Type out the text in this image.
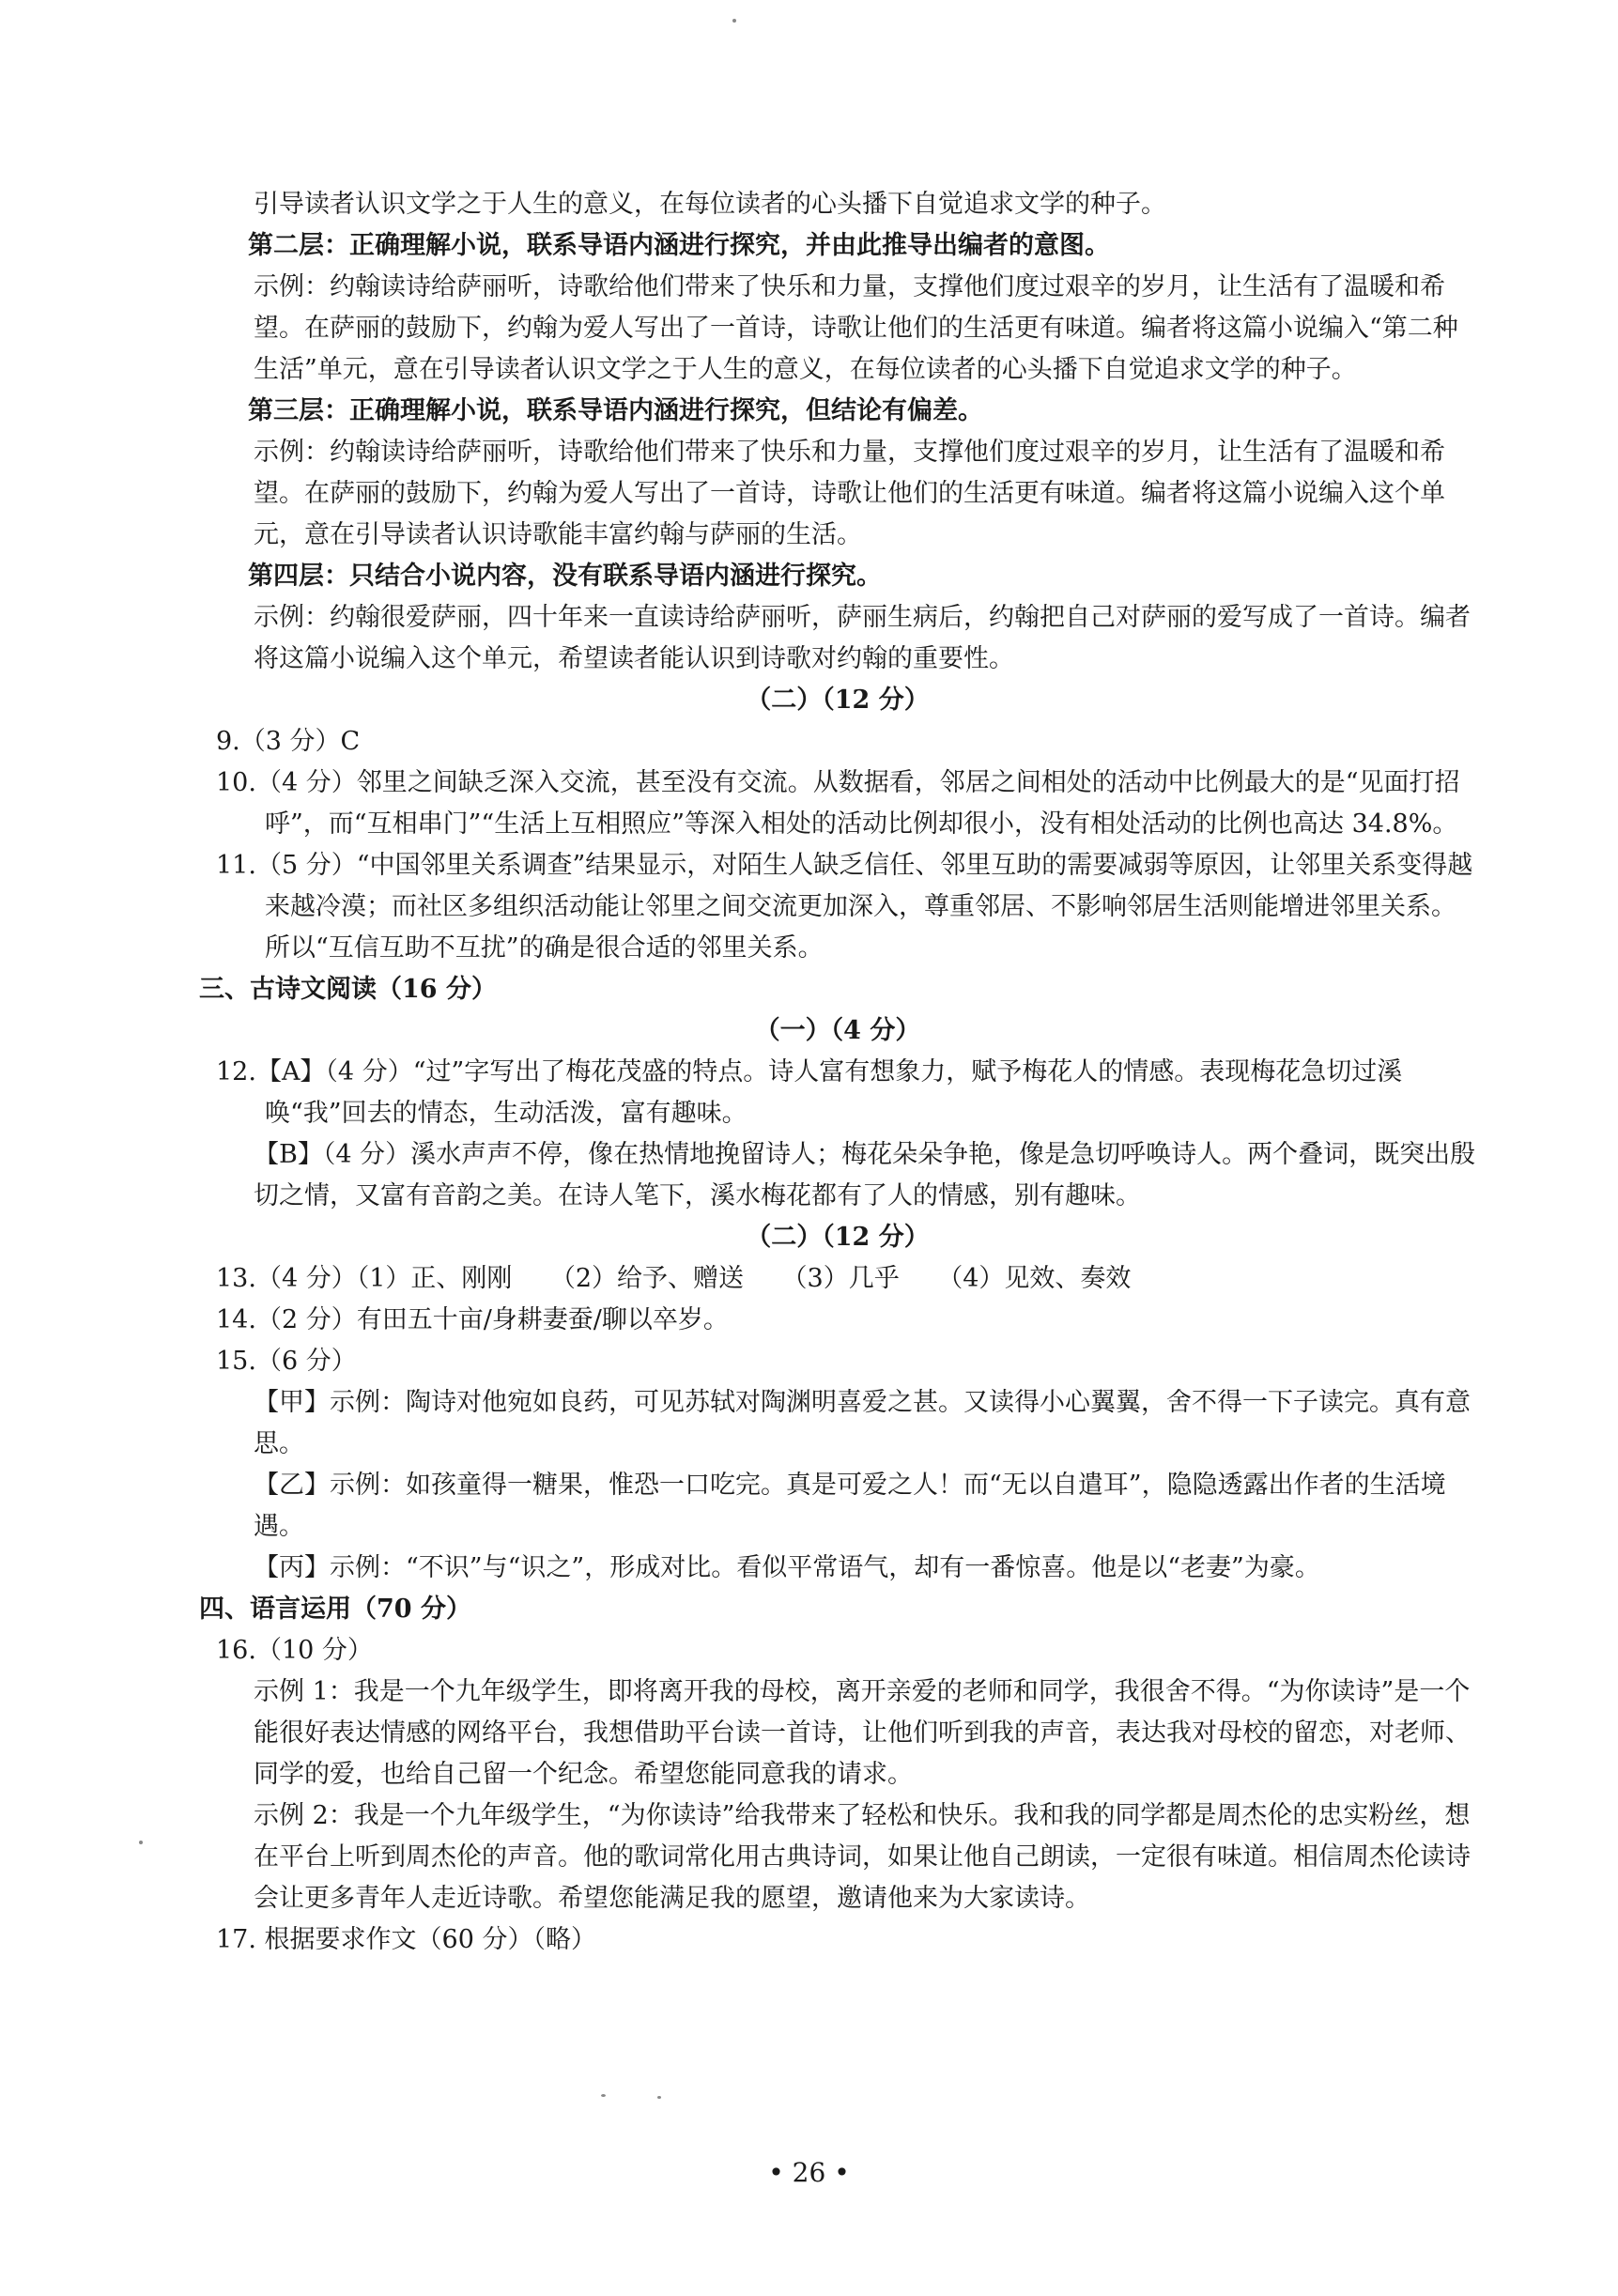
引导读者认识文学之于人生的意义，在每位读者的心头播下自觉追求文学的种子。

第二层：正确理解小说，联系导语内涵进行探究，并由此推导出编者的意图。

示例：约翰读诗给萨丽听，诗歌给他们带来了快乐和力量，支撑他们度过艰辛的岁月，让生活有了温暖和希望。在萨丽的鼓励下，约翰为爱人写出了一首诗，诗歌让他们的生活更有味道。编者将这篇小说编入“第二种生活”单元，意在引导读者认识文学之于人生的意义，在每位读者的心头播下自觉追求文学的种子。

第三层：正确理解小说，联系导语内涵进行探究，但结论有偏差。

示例：约翰读诗给萨丽听，诗歌给他们带来了快乐和力量，支撑他们度过艰辛的岁月，让生活有了温暖和希望。在萨丽的鼓励下，约翰为爱人写出了一首诗，诗歌让他们的生活更有味道。编者将这篇小说编入这个单元，意在引导读者认识诗歌能丰富约翰与萨丽的生活。

第四层：只结合小说内容，没有联系导语内涵进行探究。

示例：约翰很爱萨丽，四十年来一直读诗给萨丽听，萨丽生病后，约翰把自己对萨丽的爱写成了一首诗。编者将这篇小说编入这个单元，希望读者能认识到诗歌对约翰的重要性。

（二）（12 分）

9.（3 分）C

10.（4 分）邻里之间缺乏深入交流，甚至没有交流。从数据看，邻居之间相处的活动中比例最大的是“见面打招呼”，而“互相串门”“生活上互相照应”等深入相处的活动比例却很小，没有相处活动的比例也高达 34.8%。

11.（5 分）“中国邻里关系调查”结果显示，对陌生人缺乏信任、邻里互助的需要减弱等原因，让邻里关系变得越来越冷漠；而社区多组织活动能让邻里之间交流更加深入，尊重邻居、不影响邻居生活则能增进邻里关系。所以“互信互助不互扰”的确是很合适的邻里关系。

三、古诗文阅读（16 分）

（一）（4 分）

12.【A】（4 分）“过”字写出了梅花茂盛的特点。诗人富有想象力，赋予梅花人的情感。表现梅花急切过溪唤“我”回去的情态，生动活泼，富有趣味。

【B】（4 分）溪水声声不停，像在热情地挽留诗人；梅花朵朵争艳，像是急切呼唤诗人。两个叠词，既突出殷切之情，又富有音韵之美。在诗人笔下，溪水梅花都有了人的情感，别有趣味。

（二）（12 分）

13.（4 分）（1）正、刚刚　　（2）给予、赠送　　（3）几乎　　（4）见效、奏效

14.（2 分）有田五十亩/身耕妻蚕/聊以卒岁。

15.（6 分）

【甲】示例：陶诗对他宛如良药，可见苏轼对陶渊明喜爱之甚。又读得小心翼翼，舍不得一下子读完。真有意思。

【乙】示例：如孩童得一糖果，惟恐一口吃完。真是可爱之人！而“无以自遣耳”，隐隐透露出作者的生活境遇。

【丙】示例：“不识”与“识之”，形成对比。看似平常语气，却有一番惊喜。他是以“老妻”为豪。

四、语言运用（70 分）

16.（10 分）

示例 1：我是一个九年级学生，即将离开我的母校，离开亲爱的老师和同学，我很舍不得。“为你读诗”是一个能很好表达情感的网络平台，我想借助平台读一首诗，让他们听到我的声音，表达我对母校的留恋，对老师、同学的爱，也给自己留一个纪念。希望您能同意我的请求。

示例 2：我是一个九年级学生，“为你读诗”给我带来了轻松和快乐。我和我的同学都是周杰伦的忠实粉丝，想在平台上听到周杰伦的声音。他的歌词常化用古典诗词，如果让他自己朗读，一定很有味道。相信周杰伦读诗会让更多青年人走近诗歌。希望您能满足我的愿望，邀请他来为大家读诗。

17. 根据要求作文（60 分）（略）

• 26 •
